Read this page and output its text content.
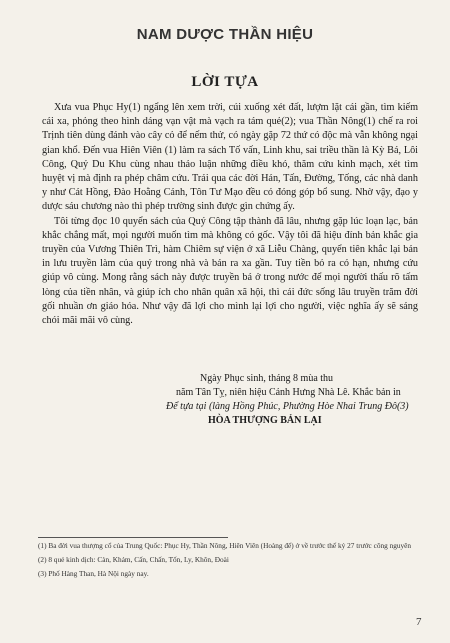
NAM DƯỢC THẦN HIỆU
LỜI TỰA

Xưa vua Phục Hy(1) ngẩng lên xem trời, cúi xuống xét đất, lượm lặt cái gần, tìm kiếm cái xa, phỏng theo hình dáng vạn vật mà vạch ra tám quẻ(2); vua Thần Nông(1) chế ra roi Trịnh tiên dùng đánh vào cây cỏ để nếm thử, có ngày gặp 72 thứ có độc mà vẫn không ngại gian khổ. Đến vua Hiên Viên (1) làm ra sách Tố vấn, Linh khu, sai triều thần là Kỳ Bá, Lôi Công, Quỷ Du Khu cùng nhau thảo luận những điều khó, thăm cứu kinh mạch, xét tìm huyệt vị mà định ra phép châm cứu. Trải qua các đời Hán, Tấn, Đường, Tống, các nhà danh y như Cát Hồng, Đào Hoằng Cảnh, Tôn Tư Mạo đều có đóng góp bổ sung. Nhờ vậy, đạo y dược sáu chương nào thì phép trường sinh được gìn chứng ấy.

Tôi từng đọc 10 quyển sách của Quý Công tập thành đã lâu, nhưng gặp lúc loạn lạc, bản khắc chẳng mất, mọi người muốn tìm mà không có gốc. Vậy tôi đã hiệu đính bản khắc gia truyền của Vương Thiên Trì, hàm Chiêm sự viện ở xã Liễu Chàng, quyển tiên khắc lại bản in lưu truyền làm của quý trong nhà và bán ra xa gần. Tuy tiền bỏ ra có hạn, nhưng cứu giúp vô cùng. Mong rằng sách này được truyền bá ở trong nước để mọi người thấu rõ tấm lòng của tiền nhân, và giúp ích cho nhân quân xã hội, thì cái đức sống lâu truyền trăm đời gối nhuần ơn giáo hóa. Như vậy đã lợi cho mình lại lợi cho người, việc nghĩa ấy sẽ sáng chói mãi mãi vô cùng.

Ngày Phục sinh, tháng 8 mùa thu
năm Tân Tỵ, niên hiệu Cảnh Hưng Nhà Lê. Khắc bản in
Để tựa tại (làng Hồng Phúc, Phường Hòe Nhai Trung Đô(3)
HÒA THƯỢNG BẢN LẠI
(1) Ba đời vua thượng cổ của Trung Quốc: Phục Hy, Thần Nông, Hiên Viên (Hoàng đế) ở về trước thế kỷ 27 trước công nguyên
(2) 8 quẻ kinh dịch: Càn, Khảm, Cấn, Chấn, Tốn, Ly, Khôn, Đoài
(3) Phố Hàng Than, Hà Nội ngày nay.
7
